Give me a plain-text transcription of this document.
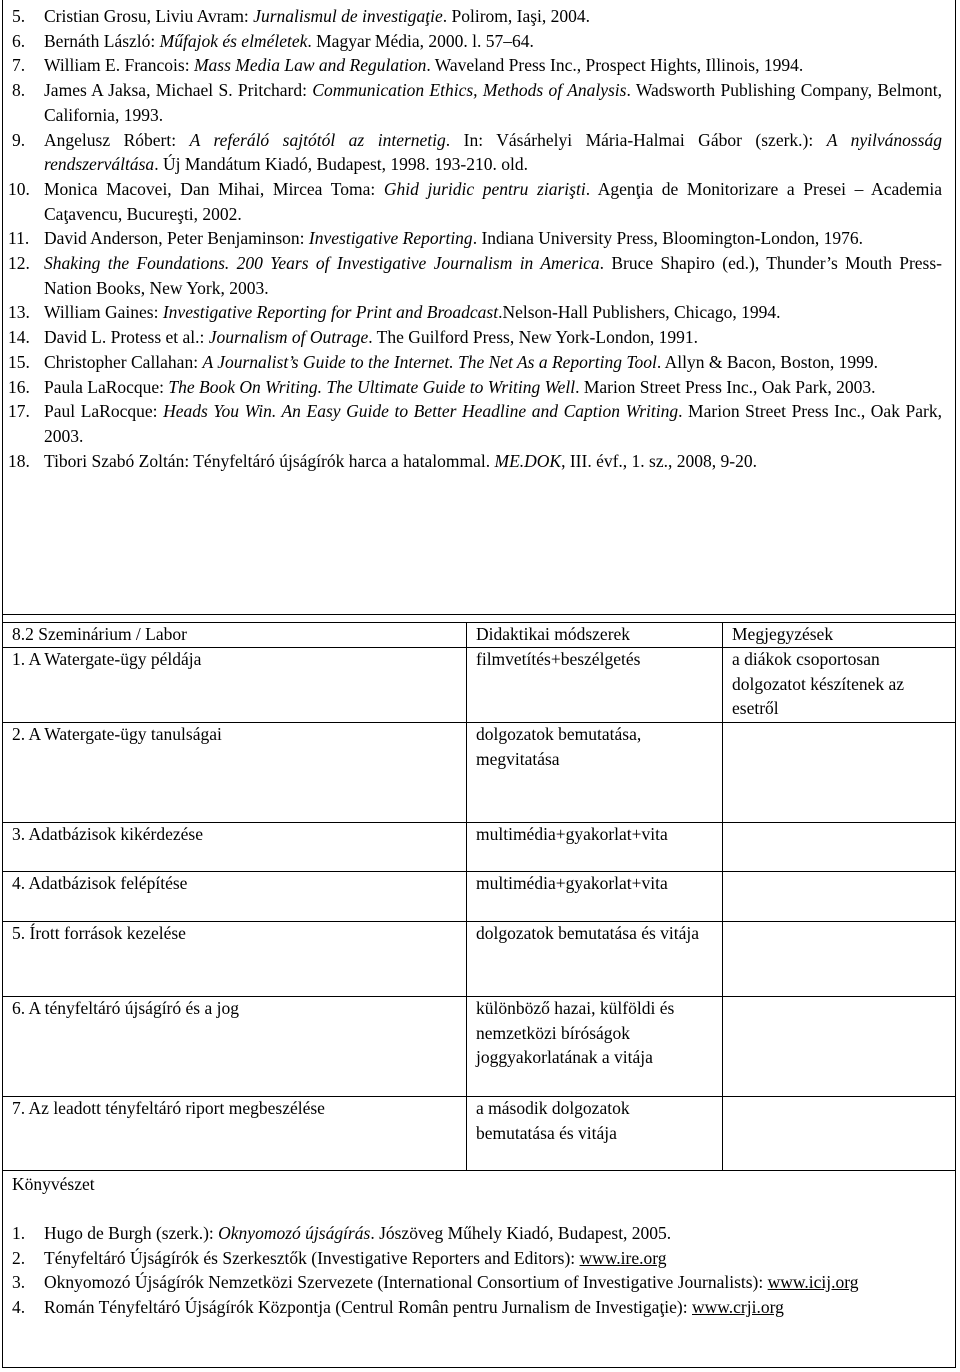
5. Cristian Grosu, Liviu Avram: Jurnalismul de investigaţie. Polirom, Iaşi, 2004.
6. Bernáth László: Műfajok és elméletek. Magyar Média, 2000. l. 57–64.
7. William E. Francois: Mass Media Law and Regulation. Waveland Press Inc., Prospect Hights, Illinois, 1994.
8. James A Jaksa, Michael S. Pritchard: Communication Ethics, Methods of Analysis. Wadsworth Publishing Company, Belmont, California, 1993.
9. Angelusz Róbert: A referáló sajtótól az internetig. In: Vásárhelyi Mária-Halmai Gábor (szerk.): A nyilvánosság rendszerváltása. Új Mandátum Kiadó, Budapest, 1998. 193-210. old.
10. Monica Macovei, Dan Mihai, Mircea Toma: Ghid juridic pentru ziarişti. Agenţia de Monitorizare a Presei – Academia Caţavencu, Bucureşti, 2002.
11. David Anderson, Peter Benjaminson: Investigative Reporting. Indiana University Press, Bloomington-London, 1976.
12. Shaking the Foundations. 200 Years of Investigative Journalism in America. Bruce Shapiro (ed.), Thunder’s Mouth Press-Nation Books, New York, 2003.
13. William Gaines: Investigative Reporting for Print and Broadcast.Nelson-Hall Publishers, Chicago, 1994.
14. David L. Protess et al.: Journalism of Outrage. The Guilford Press, New York-London, 1991.
15. Christopher Callahan: A Journalist’s Guide to the Internet. The Net As a Reporting Tool. Allyn & Bacon, Boston, 1999.
16. Paula LaRocque: The Book On Writing. The Ultimate Guide to Writing Well. Marion Street Press Inc., Oak Park, 2003.
17. Paul LaRocque: Heads You Win. An Easy Guide to Better Headline and Caption Writing. Marion Street Press Inc., Oak Park, 2003.
18. Tibori Szabó Zoltán: Tényfeltáró újságírók harca a hatalommal. ME.DOK, III. évf., 1. sz., 2008, 9-20.
8.2 Szeminárium / Labor	Didaktikai módszerek	Megjegyzések
1. A Watergate-ügy példája	filmvetítés+beszélgetés	a diákok csoportosan dolgozatot készítenek az esetről
2. A Watergate-ügy tanulságai	dolgozatok bemutatása, megvitatása
3. Adatbázisok kikérdezése	multimédia+gyakorlat+vita
4. Adatbázisok felépítése	multimédia+gyakorlat+vita
5. Írott források kezelése	dolgozatok bemutatása és vitája
6. A tényfeltáró újságíró és a jog	különböző hazai, külföldi és nemzetközi bíróságok joggyakorlatának a vitája
7. Az leadott tényfeltáró riport megbeszélése	a második dolgozatok bemutatása és vitája
Könyvészet
1. Hugo de Burgh (szerk.): Oknyomozó újságírás. Jószöveg Műhely Kiadó, Budapest, 2005.
2. Tényfeltáró Újságírók és Szerkesztők (Investigative Reporters and Editors): www.ire.org
3. Oknyomozó Újságírók Nemzetközi Szervezete (International Consortium of Investigative Journalists): www.icij.org
4. Román Tényfeltáró Újságírók Központja (Centrul Român pentru Jurnalism de Investigaţie): www.crji.org
